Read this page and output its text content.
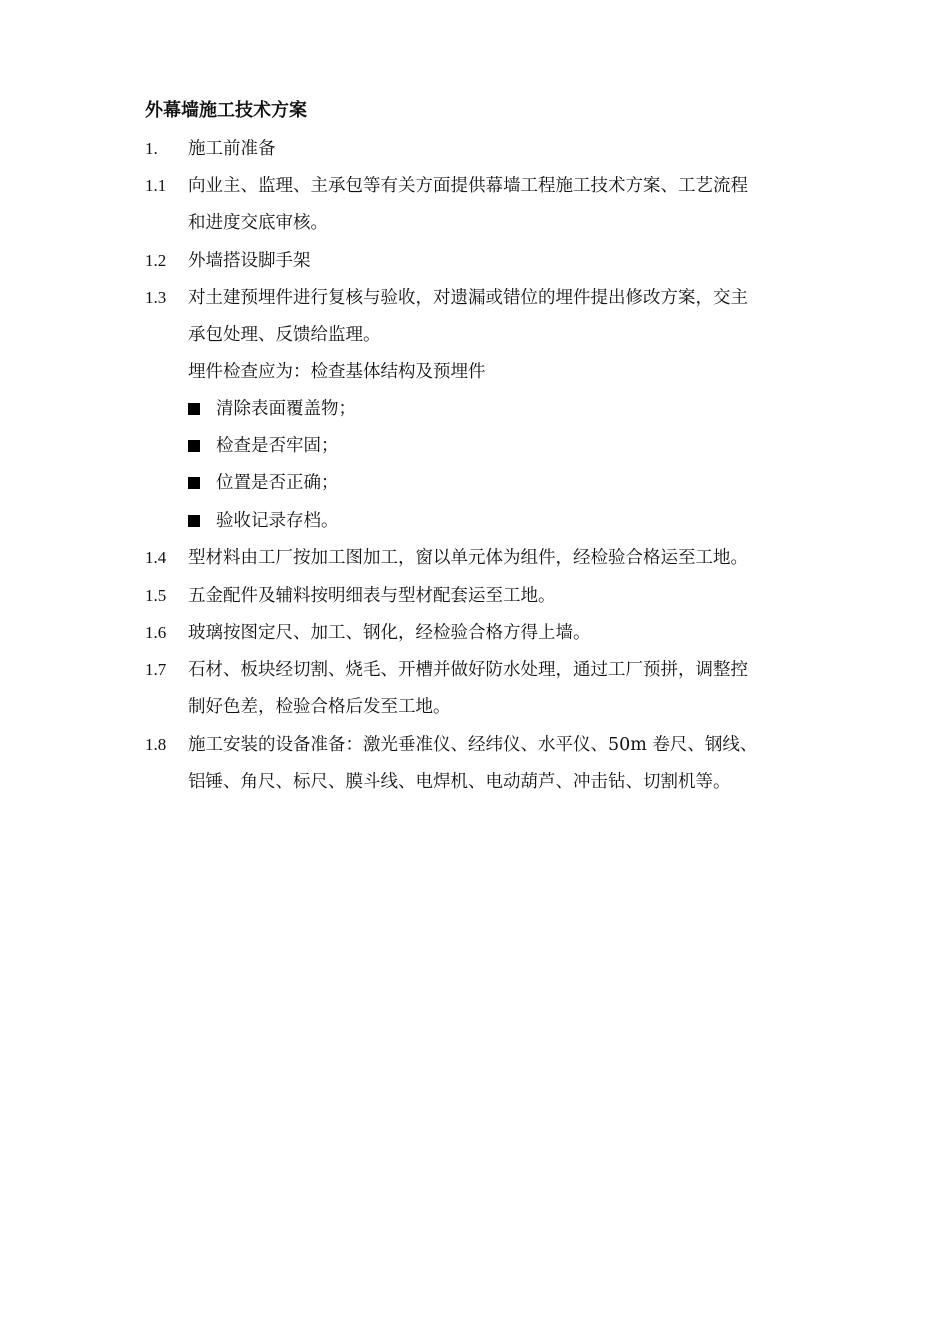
外幕墙施工技术方案
1. 施工前准备
1.1 向业主、监理、主承包等有关方面提供幕墙工程施工技术方案、工艺流程
和进度交底审核。
1.2 外墙搭设脚手架
1.3 对土建预埋件进行复核与验收，对遗漏或错位的埋件提出修改方案，交主
承包处理、反馈给监理。
埋件检查应为：检查基体结构及预埋件
清除表面覆盖物；
检查是否牢固；
位置是否正确；
验收记录存档。
1.4 型材料由工厂按加工图加工，窗以单元体为组件，经检验合格运至工地。
1.5 五金配件及辅料按明细表与型材配套运至工地。
1.6 玻璃按图定尺、加工、钢化，经检验合格方得上墙。
1.7 石材、板块经切割、烧毛、开槽并做好防水处理，通过工厂预拼，调整控
制好色差，检验合格后发至工地。
1.8 施工安装的设备准备：激光垂准仪、经纬仪、水平仪、50m 卷尺、钢线、
铝锤、角尺、标尺、膜斗线、电焊机、电动葫芦、冲击钻、切割机等。
